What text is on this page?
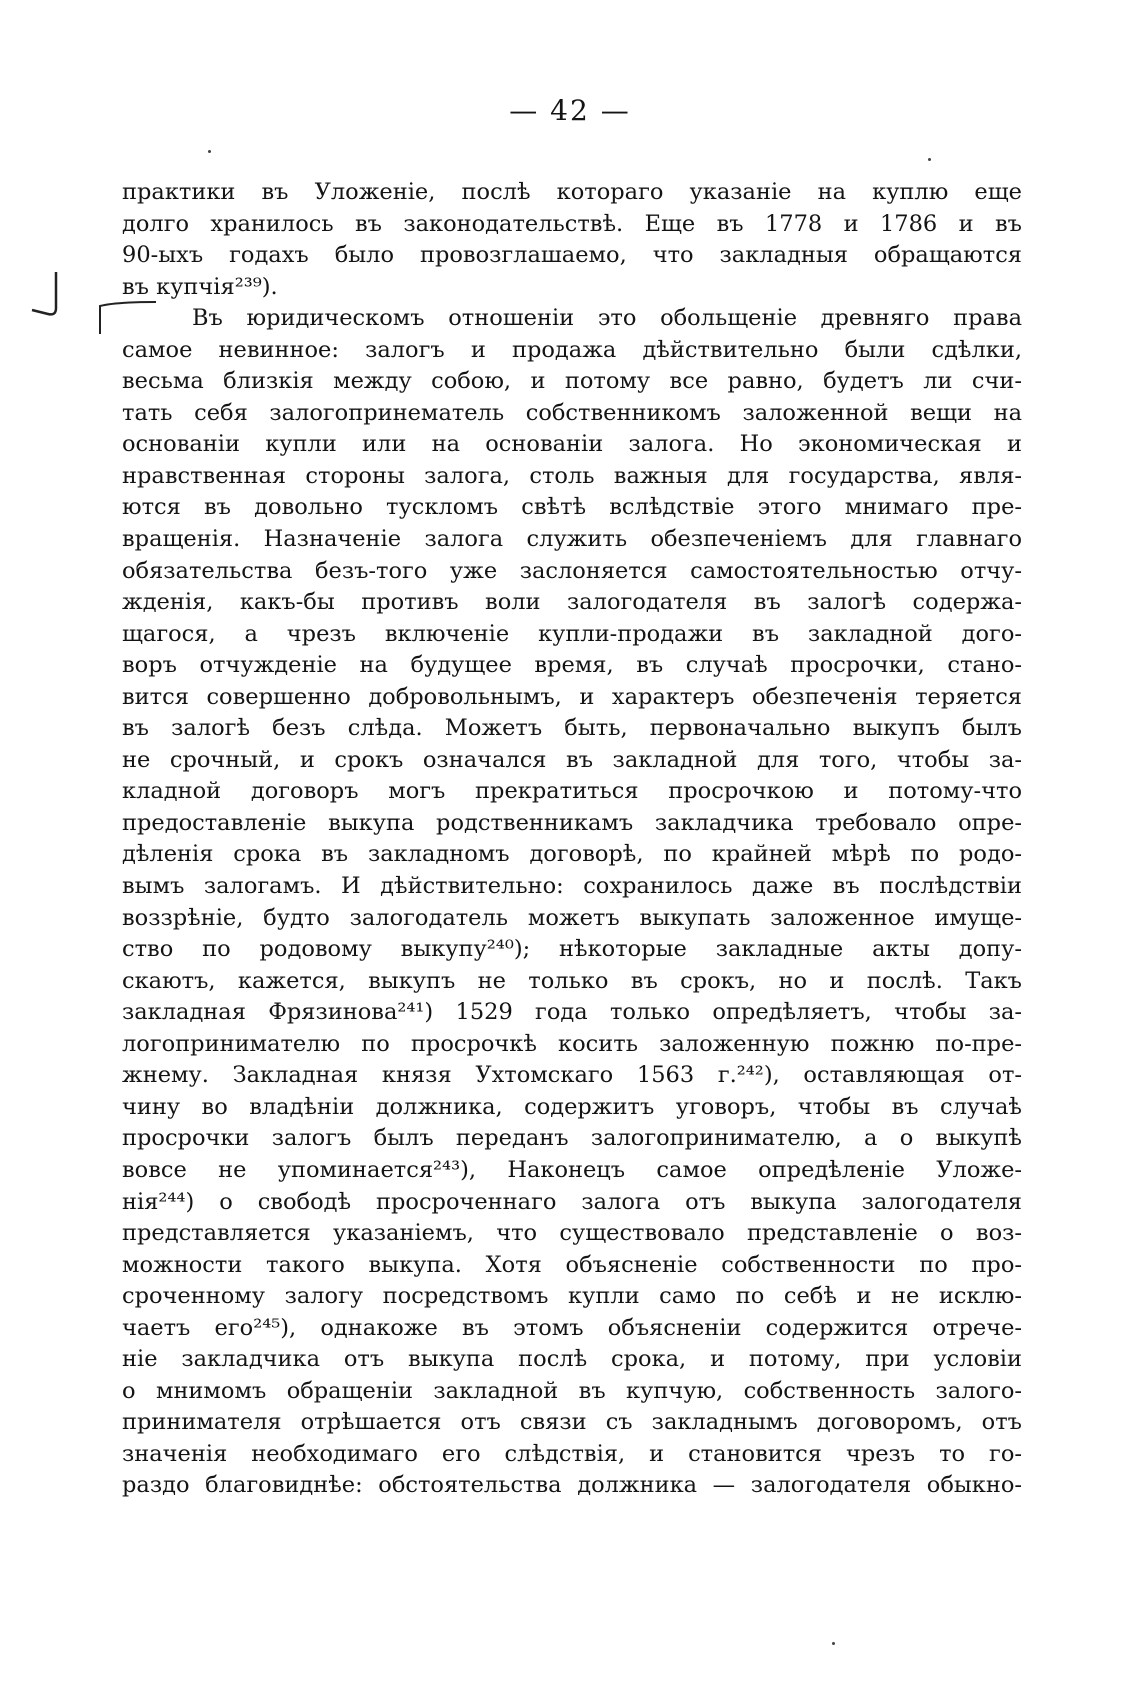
— 42 —
практики въ Уложеніе, послѣ котораго указаніе на куплю еще
долго хранилось въ законодательствѣ. Еще въ 1778 и 1786 и въ
90-ыхъ годахъ было провозглашаемо, что закладныя обращаются
въ купчія²³⁹).
Въ юридическомъ отношеніи это обольщеніе древняго права
самое невинное: залогъ и продажа дѣйствительно были сдѣлки,
весьма близкія между собою, и потому все равно, будетъ ли счи-
тать себя залогопринематель собственникомъ заложенной вещи на
основаніи купли или на основаніи залога. Но экономическая и
нравственная стороны залога, столь важныя для государства, явля-
ются въ довольно тускломъ свѣтѣ вслѣдствіе этого мнимаго пре-
вращенія. Назначеніе залога служить обезпеченіемъ для главнаго
обязательства безъ-того уже заслоняется самостоятельностью отчу-
жденія, какъ-бы противъ воли залогодателя въ залогѣ содержа-
щагося, а чрезъ включеніе купли-продажи въ закладной дого-
воръ отчужденіе на будущее время, въ случаѣ просрочки, стано-
вится совершенно добровольнымъ, и характеръ обезпеченія теряется
въ залогѣ безъ слѣда. Можетъ быть, первоначально выкупъ былъ
не срочный, и срокъ означался въ закладной для того, чтобы за-
кладной договоръ могъ прекратиться просрочкою и потому-что
предоставленіе выкупа родственникамъ закладчика требовало опре-
дѣленія срока въ закладномъ договорѣ, по крайней мѣрѣ по родо-
вымъ залогамъ. И дѣйствительно: сохранилось даже въ послѣдствіи
воззрѣніе, будто залогодатель можетъ выкупать заложенное имуще-
ство по родовому выкупу²⁴⁰); нѣкоторые закладные акты допу-
скаютъ, кажется, выкупъ не только въ срокъ, но и послѣ. Такъ
закладная Фрязинова²⁴¹) 1529 года только опредѣляетъ, чтобы за-
логопринимателю по просрочкѣ косить заложенную пожню по-пре-
жнему. Закладная князя Ухтомскаго 1563 г.²⁴²), оставляющая от-
чину во владѣніи должника, содержитъ уговоръ, чтобы въ случаѣ
просрочки залогъ былъ переданъ залогопринимателю, а о выкупѣ
вовсе не упоминается²⁴³), Наконецъ самое опредѣленіе Уложе-
нія²⁴⁴) о свободѣ просроченнаго залога отъ выкупа залогодателя
представляется указаніемъ, что существовало представленіе о воз-
можности такого выкупа. Хотя объясненіе собственности по про-
сроченному залогу посредствомъ купли само по себѣ и не исклю-
чаетъ его²⁴⁵), однакоже въ этомъ объясненіи содержится отрече-
ніе закладчика отъ выкупа послѣ срока, и потому, при условіи
о мнимомъ обращеніи закладной въ купчую, собственность залого-
принимателя отрѣшается отъ связи съ закладнымъ договоромъ, отъ
значенія необходимаго его слѣдствія, и становится чрезъ то го-
раздо благовиднѣе: обстоятельства должника — залогодателя обыкно-
